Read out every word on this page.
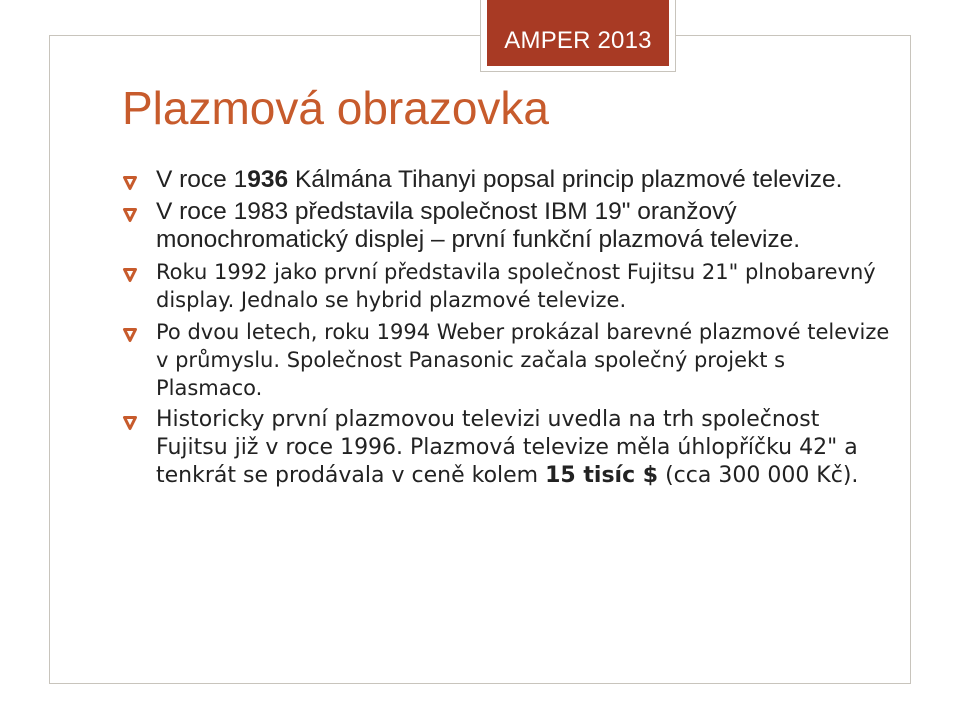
AMPER 2013
Plazmová obrazovka
V roce 1936 Kálmána Tihanyi popsal princip plazmové televize.
V roce 1983 představila společnost IBM 19" oranžový monochromatický displej – první funkční plazmová televize.
Roku 1992 jako první představila společnost Fujitsu 21" plnobarevný display. Jednalo se hybrid plazmové televize.
Po dvou letech, roku 1994 Weber prokázal barevné plazmové televize v průmyslu. Společnost Panasonic začala společný projekt s Plasmaco.
Historicky první plazmovou televizi uvedla na trh společnost Fujitsu již v roce 1996. Plazmová televize měla úhlopříčku 42" a tenkrát se prodávala v ceně kolem 15 tisíc $ (cca 300 000 Kč).
